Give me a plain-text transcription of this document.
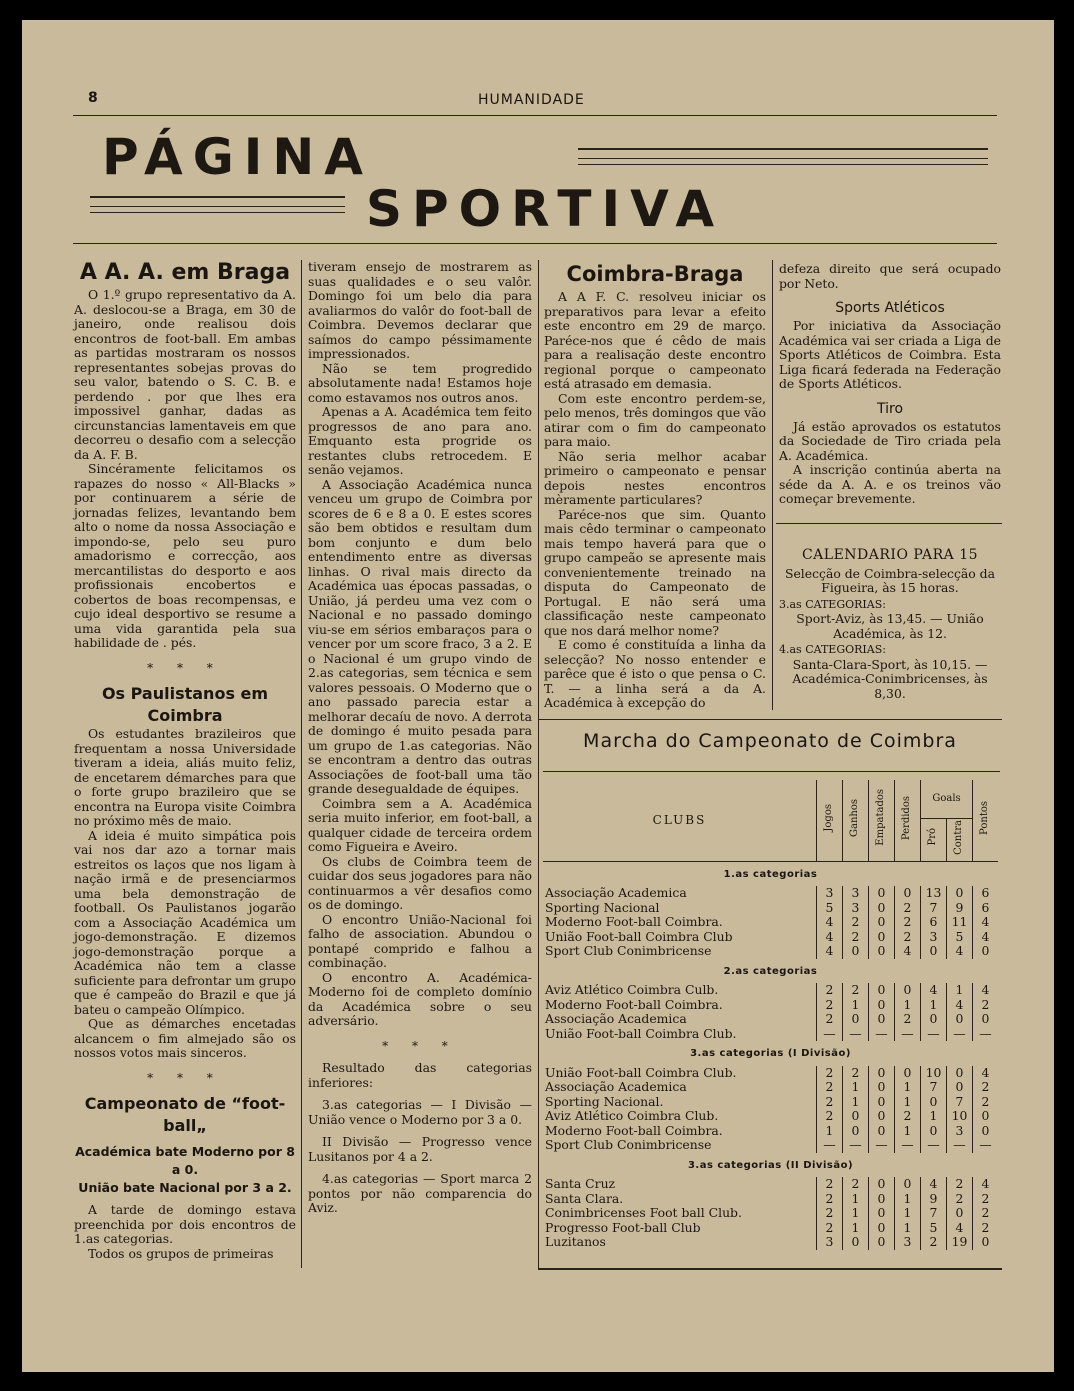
8	HUMANIDADE
PÁGINA
SPORTIVA
A A. A. em Braga

O 1.º grupo representativo da A. A. deslocou-se a Braga, em 30 de janeiro, onde realisou dois encontros de foot-ball. Em ambas as partidas mostraram os nossos representantes sobejas provas do seu valor, batendo o S. C. B. e perdendo . por que lhes era impossivel ganhar, dadas as circunstancias lamentaveis em que decorreu o desafio com a selecção da A. F. B.

Sincéramente felicitamos os rapazes do nosso « All-Blacks » por continuarem a série de jornadas felizes, levantando bem alto o nome da nossa Associação e impondo-se, pelo seu puro amadorismo e correcção, aos mercantilistas do desporto e aos profissionais encobertos e cobertos de boas recompensas, e cujo ideal desportivo se resume a uma vida garantida pela sua habilidade de . pés.

* * *
Os Paulistanos em Coimbra

Os estudantes brazileiros que frequentam a nossa Universidade tiveram a ideia, aliás muito feliz, de encetarem démarches para que o forte grupo brazileiro que se encontra na Europa visite Coimbra no próximo mês de maio.

A ideia é muito simpática pois vai nos dar azo a tornar mais estreitos os laços que nos ligam à nação irmã e de presenciarmos uma bela demonstração de football. Os Paulistanos jogarão com a Associação Académica um jogo-demonstração. E dizemos jogo-demonstração porque a Académica não tem a classe suficiente para defrontar um grupo que é campeão do Brazil e que já bateu o campeão Olímpico.

Que as démarches encetadas alcancem o fim almejado são os nossos votos mais sinceros.

* * *
Campeonato de “foot-ball„
Académica bate Moderno por 8 a 0.
União bate Nacional por 3 a 2.

A tarde de domingo estava preenchida por dois encontros de 1.as categorias.

Todos os grupos de primeiras

tiveram ensejo de mostrarem as suas qualidades e o seu valôr. Domingo foi um belo dia para avaliarmos do valôr do foot-ball de Coimbra. Devemos declarar que saímos do campo péssimamente impressionados.

Não se tem progredido absolutamente nada! Estamos hoje como estavamos nos outros anos.

Apenas a A. Académica tem feito progressos de ano para ano. Emquanto esta progride os restantes clubs retrocedem. E senão vejamos.

A Associação Académica nunca venceu um grupo de Coimbra por scores de 6 e 8 a 0. E estes scores são bem obtidos e resultam dum bom conjunto e dum belo entendimento entre as diversas linhas. O rival mais directo da Académica uas épocas passadas, o União, já perdeu uma vez com o Nacional e no passado domingo viu-se em sérios embaraços para o vencer por um score fraco, 3 a 2. E o Nacional é um grupo vindo de 2.as categorias, sem técnica e sem valores pessoais. O Moderno que o ano passado parecia estar a melhorar decaíu de novo. A derrota de domingo é muito pesada para um grupo de 1.as categorias. Não se encontram a dentro das outras Associações de foot-ball uma tão grande desegualdade de équipes.

Coimbra sem a A. Académica seria muito inferior, em foot-ball, a qualquer cidade de terceira ordem como Figueira e Aveiro.

Os clubs de Coimbra teem de cuidar dos seus jogadores para não continuarmos a vêr desafios como os de domingo.

O encontro União-Nacional foi falho de association. Abundou o pontapé comprido e falhou a combinação.

O encontro A. Académica-Moderno foi de completo domínio da Académica sobre o seu adversário.

* * *

Resultado das categorias inferiores:

3.as categorias — I Divisão — União vence o Moderno por 3 a 0.

II Divisão — Progresso vence Lusitanos por 4 a 2.

4.as categorias — Sport marca 2 pontos por não comparencia do Aviz.

Coimbra-Braga

A A F. C. resolveu iniciar os preparativos para levar a efeito este encontro em 29 de março. Paréce-nos que é cêdo de mais para a realisação deste encontro regional porque o campeonato está atrasado em demasia.

Com este encontro perdem-se, pelo menos, três domingos que vão atirar com o fim do campeonato para maio.

Não seria melhor acabar primeiro o campeonato e pensar depois nestes encontros mèramente particulares?

Paréce-nos que sim. Quanto mais cêdo terminar o campeonato mais tempo haverá para que o grupo campeão se apresente mais convenientemente treinado na disputa do Campeonato de Portugal. E não será uma classificação neste campeonato que nos dará melhor nome?

E como é constituída a linha da selecção? No nosso entender e parêce que é isto o que pensa o C. T. — a linha será a da A. Académica à excepção do

defeza direito que será ocupado por Neto.

Sports Atléticos

Por iniciativa da Associação Académica vai ser criada a Liga de Sports Atléticos de Coimbra. Esta Liga ficará federada na Federação de Sports Atléticos.

Tiro

Já estão aprovados os estatutos da Sociedade de Tiro criada pela A. Académica.

A inscrição continúa aberta na séde da A. A. e os treinos vão começar brevemente.

CALENDARIO PARA 15
Selecção de Coimbra-selecção da Figueira, às 15 horas.
3.as CATEGORIAS:
Sport-Aviz, às 13,45. — União Académica, às 12.
4.as CATEGORIAS:
Santa-Clara-Sport, às 10,15. — Académica-Conimbricenses, às 8,30.
Marcha do Campeonato de Coimbra
CLUBS	Jogos	Ganhos	Empatados	Perdidos	Goals		Pontos
					Pró	Contra	
1.as categorias							
Associação Academica	3	3	0	0	13	0	6
Sporting Nacional	5	3	0	2	7	9	6
Moderno Foot-ball Coimbra.	4	2	0	2	6	11	4
União Foot-ball Coimbra Club	4	2	0	2	3	5	4
Sport Club Conimbricense	4	0	0	4	0	4	0
2.as categorias							
Aviz Atlético Coimbra Culb.	2	2	0	0	4	1	4
Moderno Foot-ball Coimbra.	2	1	0	1	1	4	2
Associação Academica	2	0	0	2	0	0	0
União Foot-ball Coimbra Club.	—	—	—	—	—	—	—
3.as categorias (I Divisão)							
União Foot-ball Coimbra Club.	2	2	0	0	10	0	4
Associação Academica	2	1	0	1	7	0	2
Sporting Nacional.	2	1	0	1	0	7	2
Aviz Atlético Coimbra Club.	2	0	0	2	1	10	0
Moderno Foot-ball Coimbra.	1	0	0	1	0	3	0
Sport Club Conimbricense	—	—	—	—	—	—	—
3.as categorias (II Divisão)							
Santa Cruz	2	2	0	0	4	2	4
Santa Clara.	2	1	0	1	9	2	2
Conimbricenses Foot ball Club.	2	1	0	1	7	0	2
Progresso Foot-ball Club	2	1	0	1	5	4	2
Luzitanos	3	0	0	3	2	19	0
